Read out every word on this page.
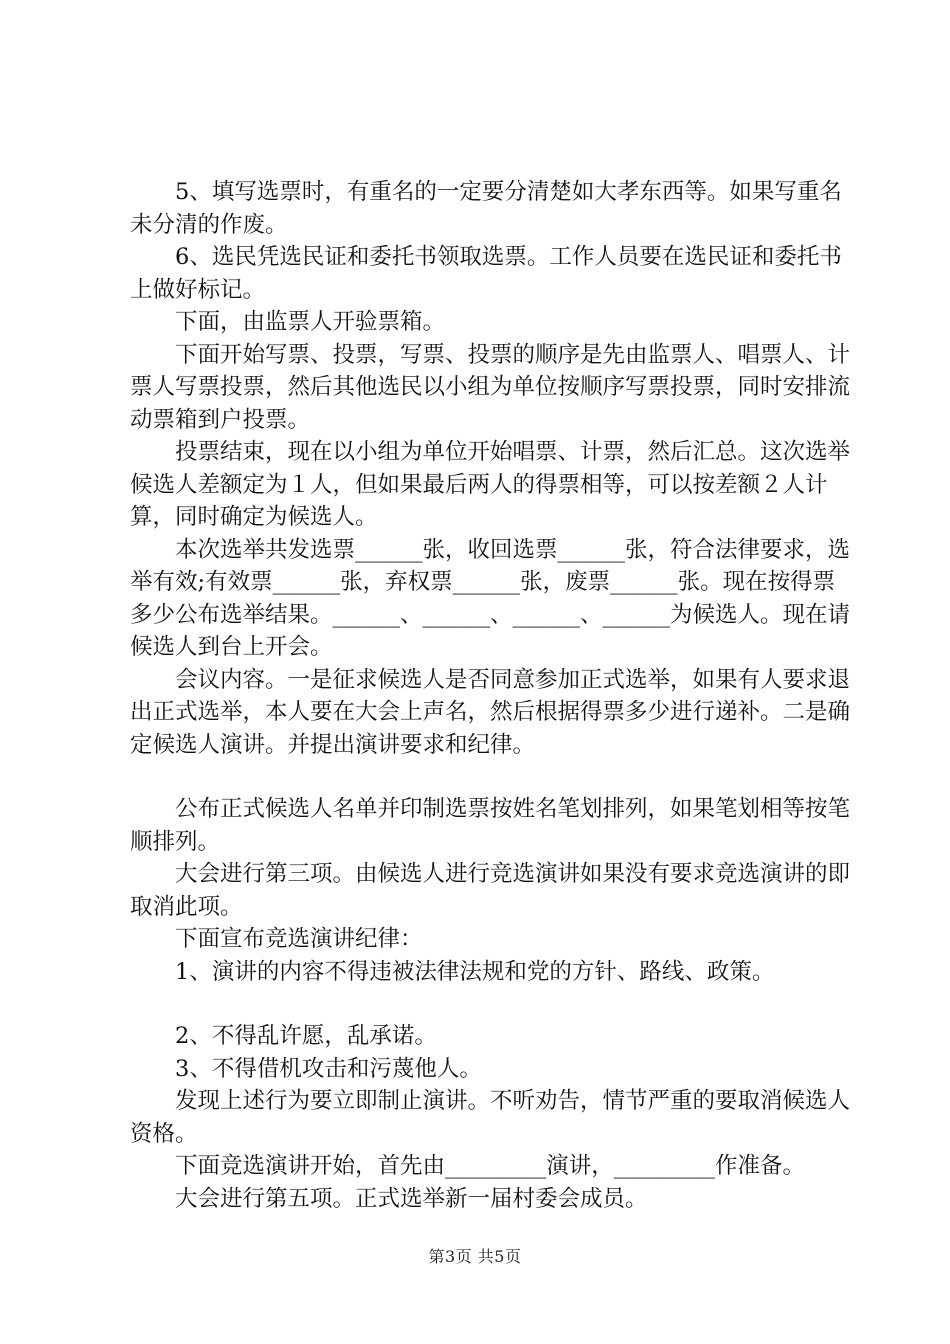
5、填写选票时，有重名的一定要分清楚如大孝东西等。如果写重名未分清的作废。

6、选民凭选民证和委托书领取选票。工作人员要在选民证和委托书上做好标记。

下面，由监票人开验票箱。

下面开始写票、投票，写票、投票的顺序是先由监票人、唱票人、计票人写票投票，然后其他选民以小组为单位按顺序写票投票，同时安排流动票箱到户投票。

投票结束，现在以小组为单位开始唱票、计票，然后汇总。这次选举候选人差额定为１人，但如果最后两人的得票相等，可以按差额２人计算，同时确定为候选人。

本次选举共发选票______张，收回选票______张，符合法律要求，选举有效;有效票______张，弃权票______张，废票______张。现在按得票多少公布选举结果。______、______、______、______为候选人。现在请候选人到台上开会。

会议内容。一是征求候选人是否同意参加正式选举，如果有人要求退出正式选举，本人要在大会上声名，然后根据得票多少进行递补。二是确定候选人演讲。并提出演讲要求和纪律。

公布正式候选人名单并印制选票按姓名笔划排列，如果笔划相等按笔顺排列。

大会进行第三项。由候选人进行竞选演讲如果没有要求竞选演讲的即取消此项。

下面宣布竞选演讲纪律：

1、演讲的内容不得违被法律法规和党的方针、路线、政策。

2、不得乱许愿，乱承诺。

3、不得借机攻击和污蔑他人。

发现上述行为要立即制止演讲。不听劝告，情节严重的要取消候选人资格。

下面竞选演讲开始，首先由_________演讲，_________作准备。

大会进行第五项。正式选举新一届村委会成员。

第3页 共5页
